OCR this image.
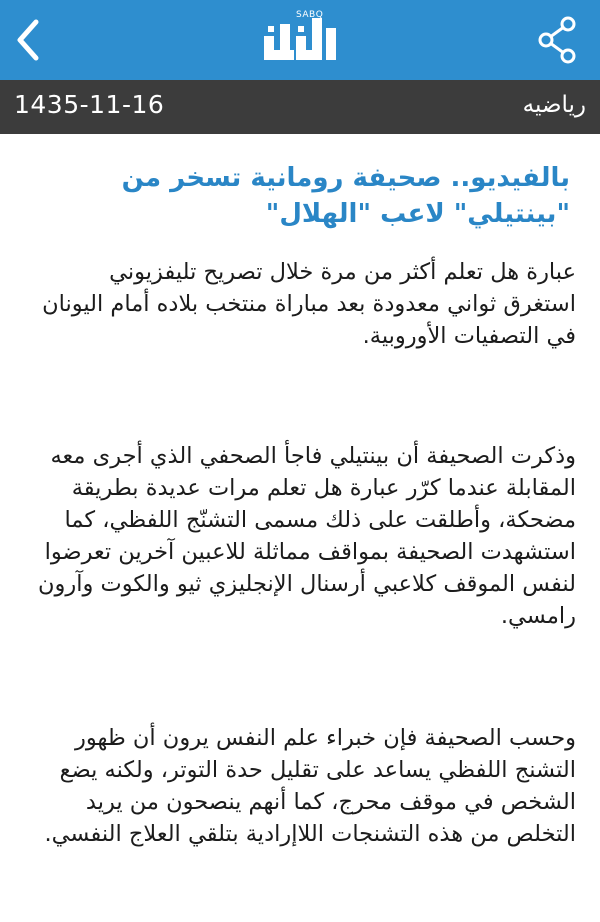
SABQ
1435-11-16	رياضيه
بالفيديو.. صحيفة رومانية تسخر من "بينتيلي" لاعب "الهلال"
عبارة هل تعلم أكثر من مرة خلال تصريح تليفزيوني استغرق ثواني معدودة بعد مباراة منتخب بلاده أمام اليونان في التصفيات الأوروبية.
وذكرت الصحيفة أن بينتيلي فاجأ الصحفي الذي أجرى معه المقابلة عندما كرّر عبارة هل تعلم مرات عديدة بطريقة مضحكة، وأطلقت على ذلك مسمى التشنّج اللفظي، كما استشهدت الصحيفة بمواقف مماثلة للاعبين آخرين تعرضوا لنفس الموقف كلاعبي أرسنال الإنجليزي ثيو والكوت وآرون رامسي.
وحسب الصحيفة فإن خبراء علم النفس يرون أن ظهور التشنج اللفظي يساعد على تقليل حدة التوتر، ولكنه يضع الشخص في موقف محرج، كما أنهم ينصحون من يريد التخلص من هذه التشنجات اللاإرادية بتلقي العلاج النفسي.
